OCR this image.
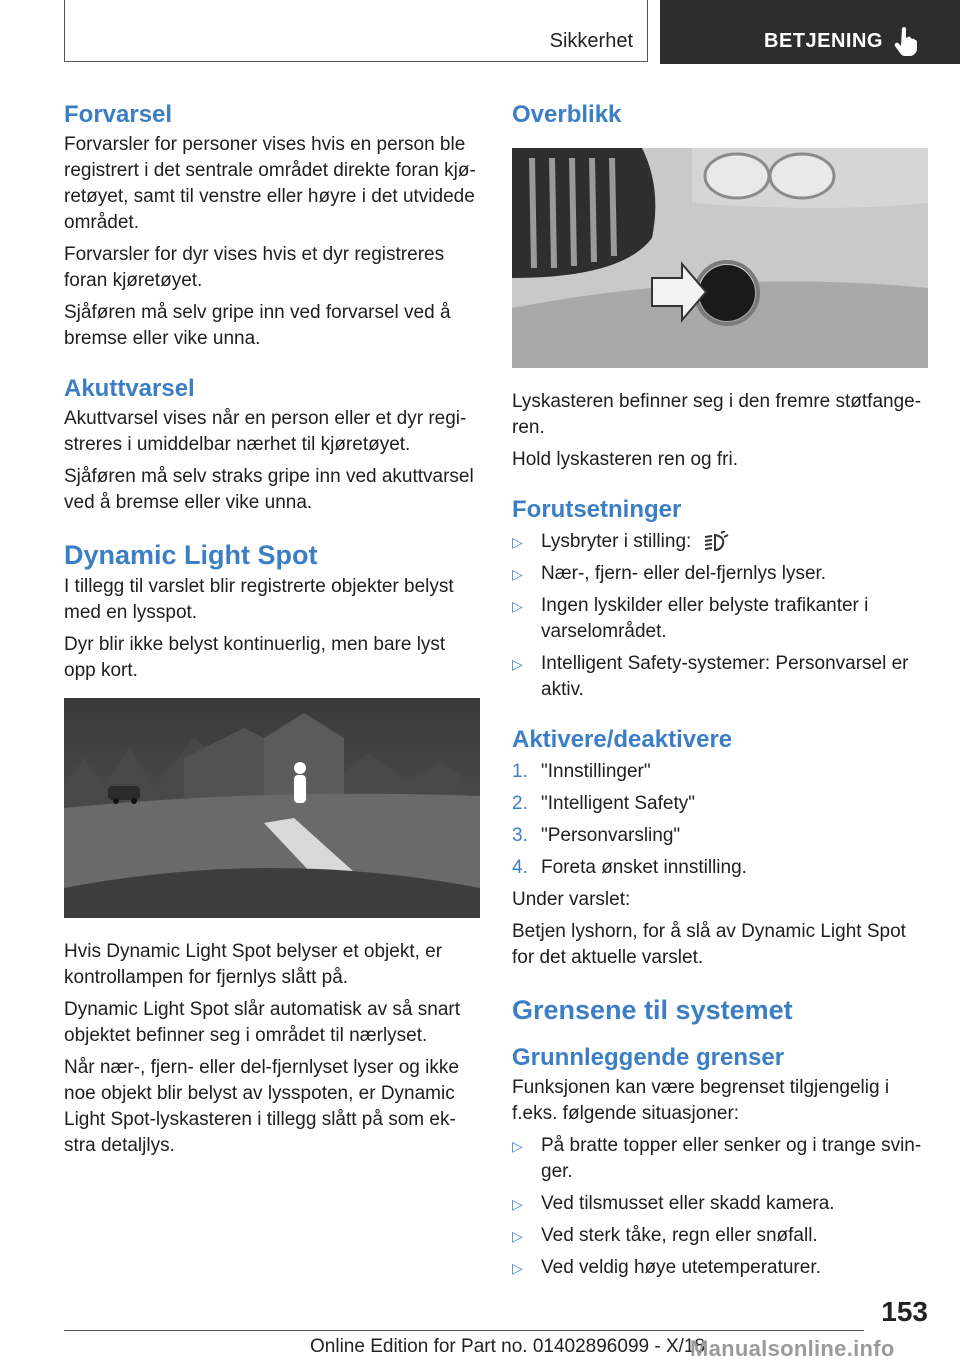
Sikkerhet	BETJENING
Forvarsel

Forvarsler for personer vises hvis en person ble registrert i det sentrale området direkte foran kjøretøyet, samt til venstre eller høyre i det utvidede området.

Forvarsler for dyr vises hvis et dyr registreres foran kjøretøyet.

Sjåføren må selv gripe inn ved forvarsel ved å bremse eller vike unna.

Akuttvarsel

Akuttvarsel vises når en person eller et dyr registreres i umiddelbar nærhet til kjøretøyet.

Sjåføren må selv straks gripe inn ved akuttvarsel ved å bremse eller vike unna.

Dynamic Light Spot

I tillegg til varslet blir registrerte objekter belyst med en lysspot.

Dyr blir ikke belyst kontinuerlig, men bare lyst opp kort.

Hvis Dynamic Light Spot belyser et objekt, er kontrollampen for fjernlys slått på.

Dynamic Light Spot slår automatisk av så snart objektet befinner seg i området til nærlyset.

Når nær-, fjern- eller del-fjernlyset lyser og ikke noe objekt blir belyst av lysspoten, er Dynamic Light Spot-lyskasteren i tillegg slått på som ekstra detaljlys.

Overblikk

Lyskasteren befinner seg i den fremre støtfangeren.

Hold lyskasteren ren og fri.

Forutsetninger
▷ Lysbryter i stilling:
▷ Nær-, fjern- eller del-fjernlys lyser.
▷ Ingen lyskilder eller belyste trafikanter i varselområdet.
▷ Intelligent Safety-systemer: Personvarsel er aktiv.
Aktivere/deaktivere
1. "Innstillinger"
2. "Intelligent Safety"
3. "Personvarsling"
4. Foreta ønsket innstilling.

Under varslet:

Betjen lyshorn, for å slå av Dynamic Light Spot for det aktuelle varslet.

Grensene til systemet
Grunnleggende grenser

Funksjonen kan være begrenset tilgjengelig i f.eks. følgende situasjoner:

▷ På bratte topper eller senker og i trange svinger.
▷ Ved tilsmusset eller skadd kamera.
▷ Ved sterk tåke, regn eller snøfall.
▷ Ved veldig høye utetemperaturer.
153
Online Edition for Part no. 01402896099 - X/18
Manualsonline.info
